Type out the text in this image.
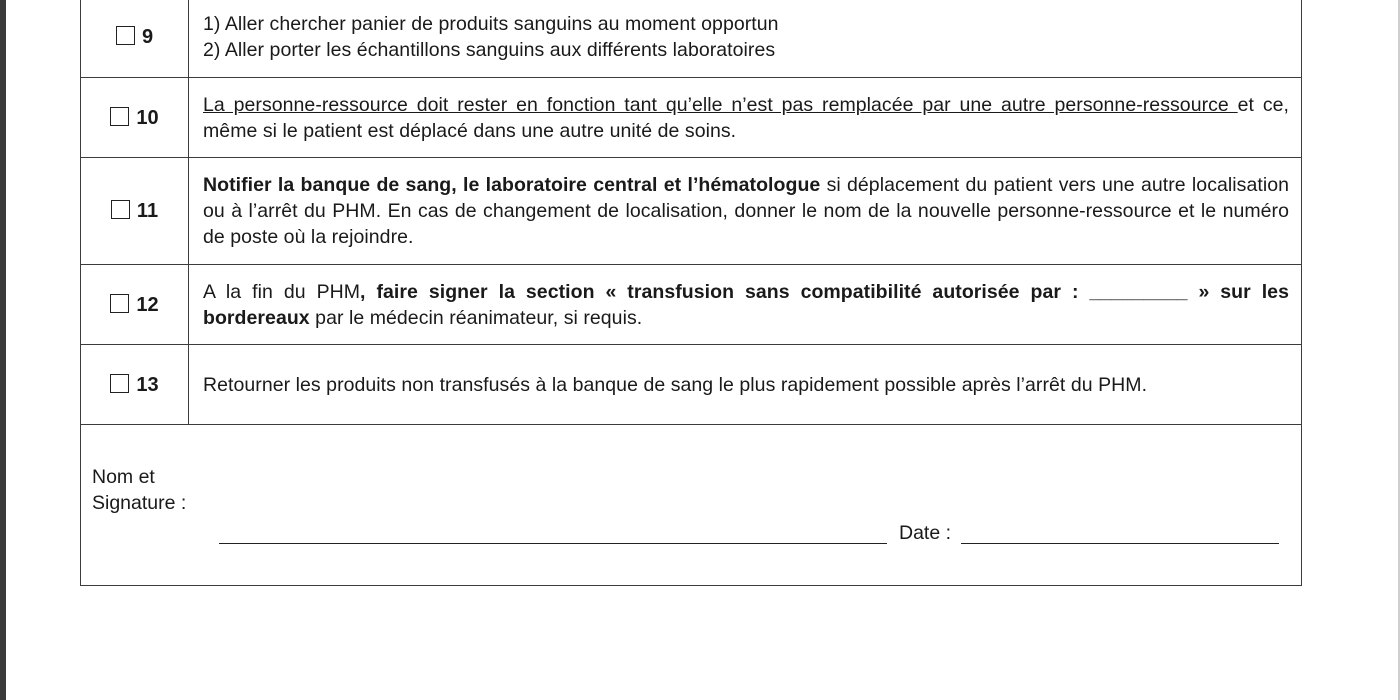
9	1) Aller chercher panier de produits sanguins au moment opportun
2) Aller porter les échantillons sanguins aux différents laboratoires

10	La personne-ressource doit rester en fonction tant qu’elle n’est pas remplacée par une autre personne-ressource et ce, même si le patient est déplacé dans une autre unité de soins.
11	Notifier la banque de sang, le laboratoire central et l’hématologue si déplacement du patient vers une autre localisation ou à l’arrêt du PHM. En cas de changement de localisation, donner le nom de la nouvelle personne-ressource et le numéro de poste où la rejoindre.
12	A la fin du PHM, faire signer la section « transfusion sans compatibilité autorisée par : _________ » sur les bordereaux par le médecin réanimateur, si requis.
13	Retourner les produits non transfusés à la banque de sang le plus rapidement possible après l’arrêt du PHM.

Nom et
Signature :
Date :	
